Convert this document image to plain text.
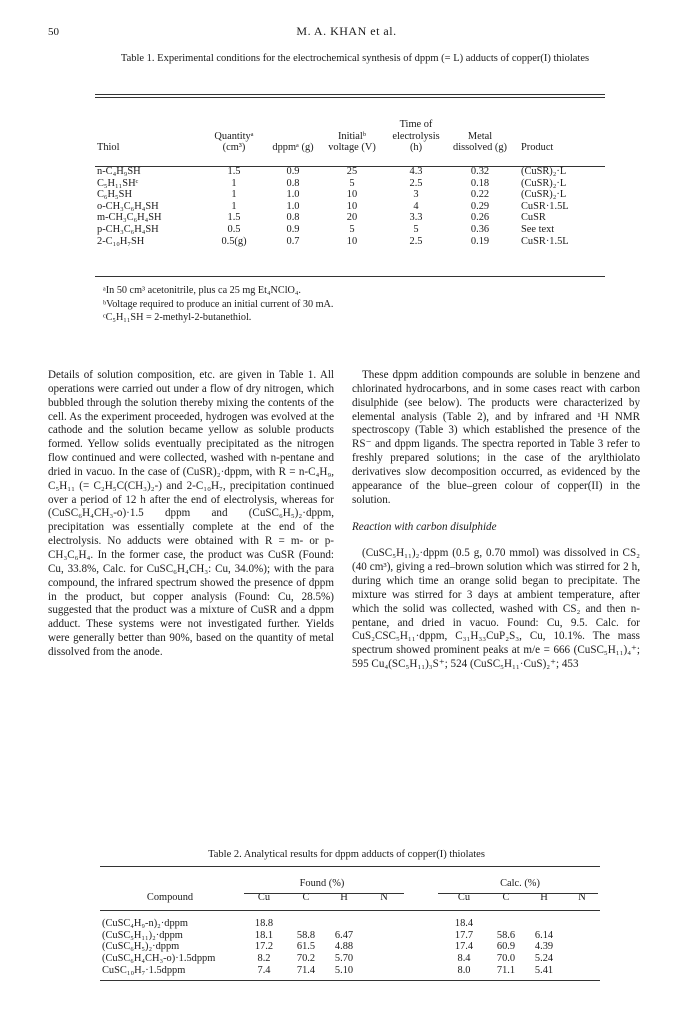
50	M. A. KHAN et al.
Table 1. Experimental conditions for the electrochemical synthesis of dppm (= L) adducts of copper(I) thiolates
Thiol	Quantityᵃ (cm³)	dppmᵃ (g)	Initialᵇ voltage (V)	Time of electrolysis (h)	Metal dissolved (g)	Product

n-C₄H₉SH	1.5	0.9	25	4.3	0.32	(CuSR)₂·L
C₅H₁₁SHᶜ	1	0.8	5	2.5	0.18	(CuSR)₂·L
C₆H₅SH	1	1.0	10	3	0.22	(CuSR)₂·L
o-CH₃C₆H₄SH	1	1.0	10	4	0.29	CuSR·1.5L
m-CH₃C₆H₄SH	1.5	0.8	20	3.3	0.26	CuSR
p-CH₃C₆H₄SH	0.5	0.9	5	5	0.36	See text
2-C₁₀H₇SH	0.5(g)	0.7	10	2.5	0.19	CuSR·1.5L
ᵃIn 50 cm³ acetonitrile, plus ca 25 mg Et₄NClO₄.
ᵇVoltage required to produce an initial current of 30 mA.
ᶜC₅H₁₁SH = 2-methyl-2-butanethiol.

Details of solution composition, etc. are given in Table 1. All operations were carried out under a flow of dry nitrogen, which bubbled through the solution thereby mixing the contents of the cell. As the experiment proceeded, hydrogen was evolved at the cathode and the solution became yellow as soluble products formed. Yellow solids eventually precipitated as the nitrogen flow continued and were collected, washed with n-pentane and dried in vacuo. In the case of (CuSR)₂·dppm, with R = n-C₄H₉, C₅H₁₁ (= C₂H₅C(CH₃)₂-) and 2-C₁₀H₇, precipitation continued over a period of 12 h after the end of electrolysis, whereas for (CuSC₆H₄CH₃-o)·1.5 dppm and (CuSC₆H₅)₂·dppm, precipitation was essentially complete at the end of the electrolysis. No adducts were obtained with R = m- or p-CH₃C₆H₄. In the former case, the product was CuSR (Found: Cu, 33.8%, Calc. for CuSC₆H₄CH₃: Cu, 34.0%); with the para compound, the infrared spectrum showed the presence of dppm in the product, but copper analysis (Found: Cu, 28.5%) suggested that the product was a mixture of CuSR and a dppm adduct. These systems were not investigated further. Yields were generally better than 90%, based on the quantity of metal dissolved from the anode.

These dppm addition compounds are soluble in benzene and chlorinated hydrocarbons, and in some cases react with carbon disulphide (see below). The products were characterized by elemental analysis (Table 2), and by infrared and ¹H NMR spectroscopy (Table 3) which established the presence of the RS⁻ and dppm ligands. The spectra reported in Table 3 refer to freshly prepared solutions; in the case of the arylthiolato derivatives slow decomposition occurred, as evidenced by the appearance of the blue–green colour of copper(II) in the solution.

Reaction with carbon disulphide

(CuSC₅H₁₁)₂·dppm (0.5 g, 0.70 mmol) was dissolved in CS₂ (40 cm³), giving a red–brown solution which was stirred for 2 h, during which time an orange solid began to precipitate. The mixture was stirred for 3 days at ambient temperature, after which the solid was collected, washed with CS₂ and then n-pentane, and dried in vacuo. Found: Cu, 9.5. Calc. for CuS₂CSC₅H₁₁·dppm, C₃₁H₃₃CuP₂S₃, Cu, 10.1%. The mass spectrum showed prominent peaks at m/e = 666 (CuSC₅H₁₁)₄⁺; 595 Cu₄(SC₅H₁₁)₃S⁺; 524 (CuSC₅H₁₁·CuS)₂⁺; 453

Table 2. Analytical results for dppm adducts of copper(I) thiolates
	Found (%)					Calc. (%)			
Compound	Cu	C	H	N		Cu	C	H	N

(CuSC₄H₉-n)₂·dppm	18.8					18.4			
(CuSC₅H₁₁)₂·dppm	18.1	58.8	6.47			17.7	58.6	6.14	
(CuSC₆H₅)₂·dppm	17.2	61.5	4.88			17.4	60.9	4.39	
(CuSC₆H₄CH₃-o)·1.5dppm	8.2	70.2	5.70			8.4	70.0	5.24	
CuSC₁₀H₇·1.5dppm	7.4	71.4	5.10			8.0	71.1	5.41	
